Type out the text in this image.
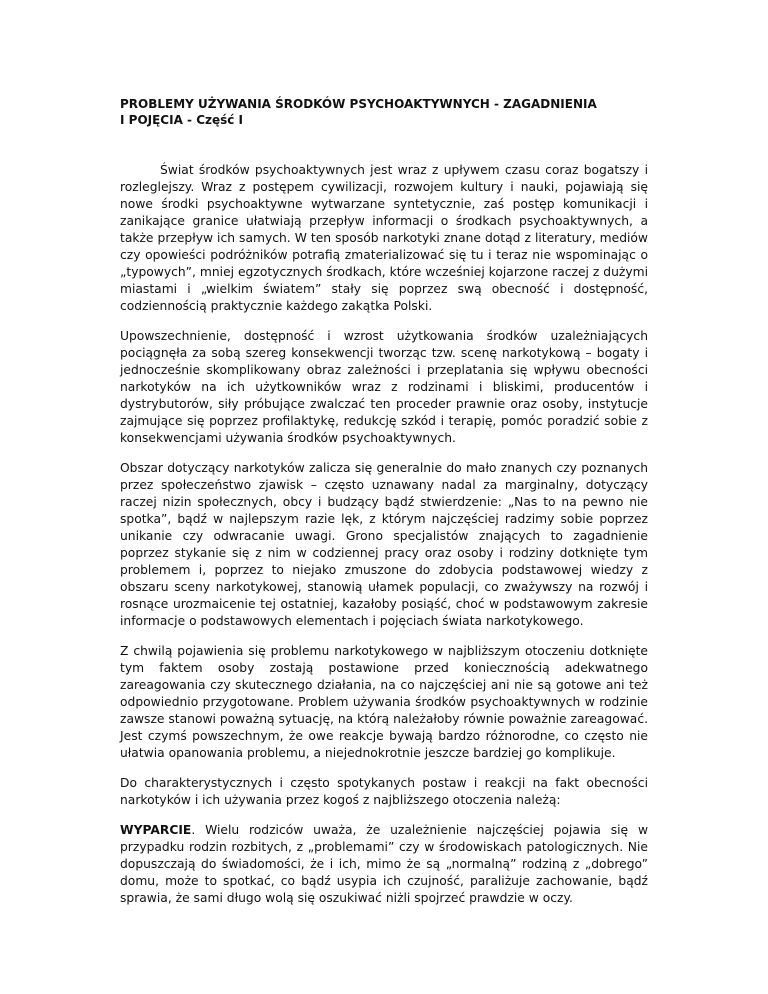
PROBLEMY UŻYWANIA ŚRODKÓW PSYCHOAKTYWNYCH - ZAGADNIENIA
I POJĘCIA - Część I

Świat środków psychoaktywnych jest wraz z upływem czasu coraz bogatszy i rozleglejszy. Wraz z postępem cywilizacji, rozwojem kultury i nauki, pojawiają się nowe środki psychoaktywne wytwarzane syntetycznie, zaś postęp komunikacji i zanikające granice ułatwiają przepływ informacji o środkach psychoaktywnych, a także przepływ ich samych. W ten sposób narkotyki znane dotąd z literatury, mediów czy opowieści podróżników potrafią zmaterializować się tu i teraz nie wspominając o „typowych”, mniej egzotycznych środkach, które wcześniej kojarzone raczej z dużymi miastami i „wielkim światem” stały się poprzez swą obecność i dostępność, codziennością praktycznie każdego zakątka Polski.

Upowszechnienie, dostępność i wzrost użytkowania środków uzależniających pociągnęła za sobą szereg konsekwencji tworząc tzw. scenę narkotykową – bogaty i jednocześnie skomplikowany obraz zależności i przeplatania się wpływu obecności narkotyków na ich użytkowników wraz z rodzinami i bliskimi, producentów i dystrybutorów, siły próbujące zwalczać ten proceder prawnie oraz osoby, instytucje zajmujące się poprzez profilaktykę, redukcję szkód i terapię, pomóc poradzić sobie z konsekwencjami używania środków psychoaktywnych.

Obszar dotyczący narkotyków zalicza się generalnie do mało znanych czy poznanych przez społeczeństwo zjawisk – często uznawany nadal za marginalny, dotyczący raczej nizin społecznych, obcy i budzący bądź stwierdzenie: „Nas to na pewno nie spotka”, bądź w najlepszym razie lęk, z którym najczęściej radzimy sobie poprzez unikanie czy odwracanie uwagi. Grono specjalistów znających to zagadnienie poprzez stykanie się z nim w codziennej pracy oraz osoby i rodziny dotknięte tym problemem i, poprzez to niejako zmuszone do zdobycia podstawowej wiedzy z obszaru sceny narkotykowej, stanowią ułamek populacji, co zważywszy na rozwój i rosnące urozmaicenie tej ostatniej, kazałoby posiąść, choć w podstawowym zakresie informacje o podstawowych elementach i pojęciach świata narkotykowego.

Z chwilą pojawienia się problemu narkotykowego w najbliższym otoczeniu dotknięte tym faktem osoby zostają postawione przed koniecznością adekwatnego zareagowania czy skutecznego działania, na co najczęściej ani nie są gotowe ani też odpowiednio przygotowane. Problem używania środków psychoaktywnych w rodzinie zawsze stanowi poważną sytuację, na którą należałoby równie poważnie zareagować. Jest czymś powszechnym, że owe reakcje bywają bardzo różnorodne, co często nie ułatwia opanowania problemu, a niejednokrotnie jeszcze bardziej go komplikuje.

Do charakterystycznych i często spotykanych postaw i reakcji na fakt obecności narkotyków i ich używania przez kogoś z najbliższego otoczenia należą:

WYPARCIE. Wielu rodziców uważa, że uzależnienie najczęściej pojawia się w przypadku rodzin rozbitych, z „problemami” czy w środowiskach patologicznych. Nie dopuszczają do świadomości, że i ich, mimo że są „normalną” rodziną z „dobrego” domu, może to spotkać, co bądź usypia ich czujność, paraliżuje zachowanie, bądź sprawia, że sami długo wolą się oszukiwać niżli spojrzeć prawdzie w oczy.
